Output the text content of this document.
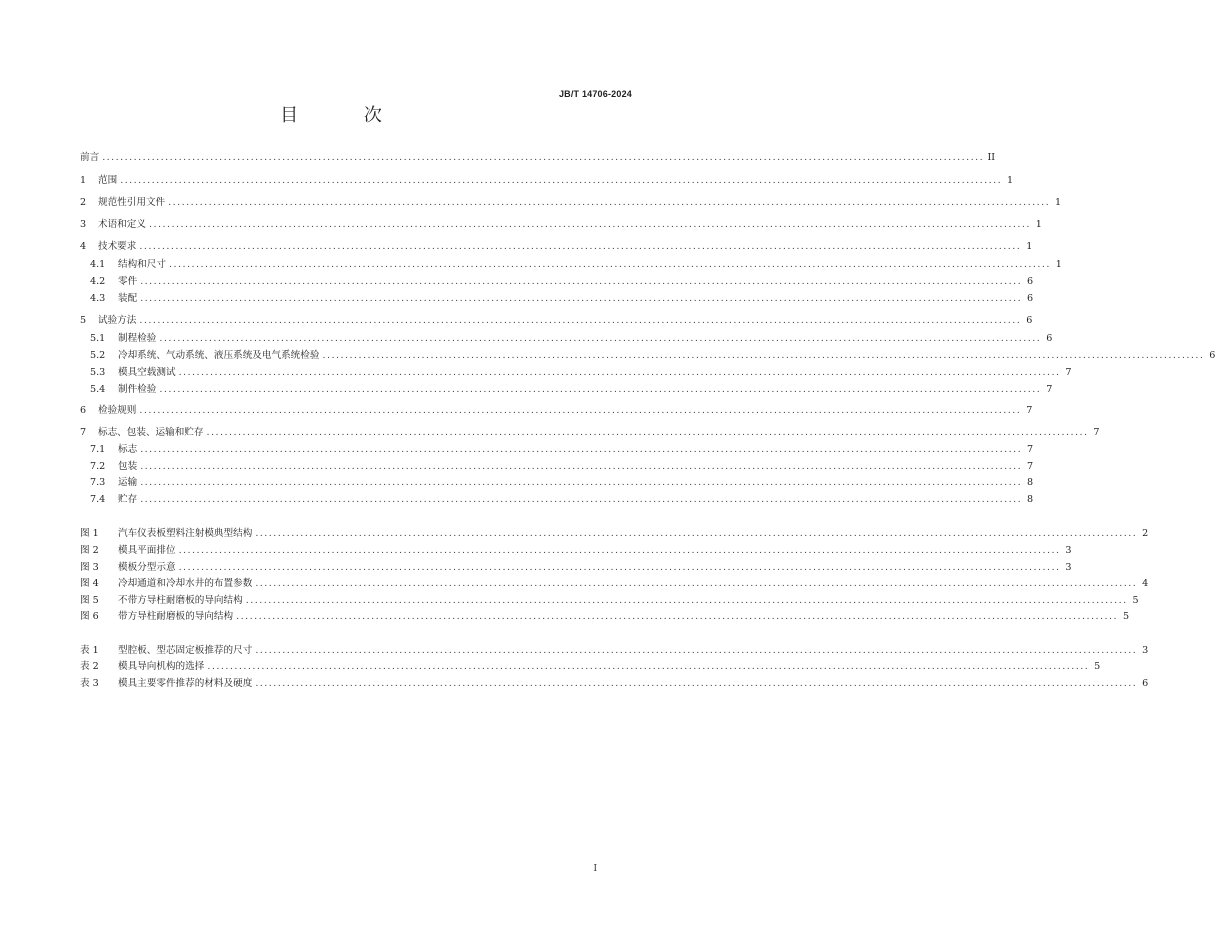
JB/T 14706-2024
目 次
前言 .................................................................................................................................................................................................... II
1	范围 .................................................................................................................................................................................................... 1
2	规范性引用文件 .................................................................................................................................................................................................... 1
3	术语和定义 .................................................................................................................................................................................................... 1
4	技术要求 .................................................................................................................................................................................................... 1
4.1	结构和尺寸 .................................................................................................................................................................................................... 1
4.2	零件 .................................................................................................................................................................................................... 6
4.3	装配 .................................................................................................................................................................................................... 6
5	试验方法 .................................................................................................................................................................................................... 6
5.1	制程检验 .................................................................................................................................................................................................... 6
5.2	冷却系统、气动系统、液压系统及电气系统检验 .................................................................................................................................................................................................... 6
5.3	模具空载测试 .................................................................................................................................................................................................... 7
5.4	制件检验 .................................................................................................................................................................................................... 7
6	检验规则 .................................................................................................................................................................................................... 7
7	标志、包装、运输和贮存 .................................................................................................................................................................................................... 7
7.1	标志 .................................................................................................................................................................................................... 7
7.2	包装 .................................................................................................................................................................................................... 7
7.3	运输 .................................................................................................................................................................................................... 8
7.4	贮存 .................................................................................................................................................................................................... 8
图 1	汽车仪表板塑料注射模典型结构 .................................................................................................................................................................................................... 2
图 2	模具平面排位 .................................................................................................................................................................................................... 3
图 3	模板分型示意 .................................................................................................................................................................................................... 3
图 4	冷却通道和冷却水井的布置参数 .................................................................................................................................................................................................... 4
图 5	不带方导柱耐磨板的导向结构 .................................................................................................................................................................................................... 5
图 6	带方导柱耐磨板的导向结构 .................................................................................................................................................................................................... 5
表 1	型腔板、型芯固定板推荐的尺寸 .................................................................................................................................................................................................... 3
表 2	模具导向机构的选择 .................................................................................................................................................................................................... 5
表 3	模具主要零件推荐的材料及硬度 .................................................................................................................................................................................................... 6
I
